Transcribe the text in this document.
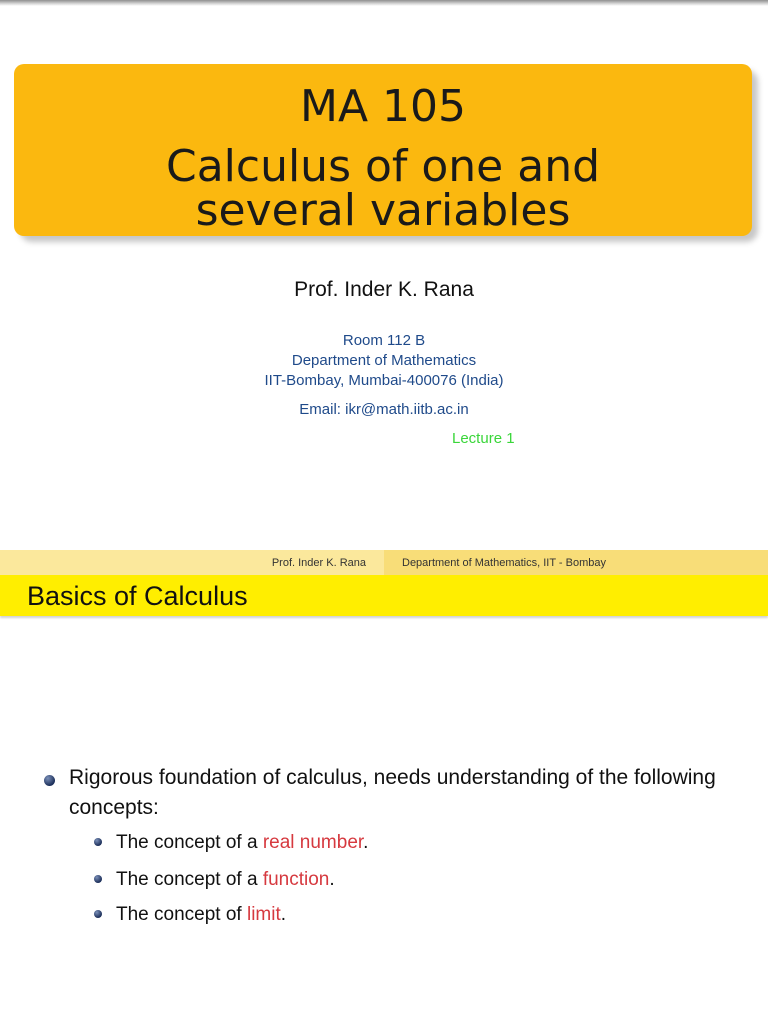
MA 105
Calculus of one and
several variables
Prof. Inder K. Rana
Room 112 B
Department of Mathematics
IIT-Bombay, Mumbai-400076 (India)
Email: ikr@math.iitb.ac.in
Lecture 1
Prof. Inder K. Rana	Department of Mathematics, IIT - Bombay
Basics of Calculus
Rigorous foundation of calculus, needs understanding of the following concepts:
The concept of a real number.
The concept of a function.
The concept of limit.
